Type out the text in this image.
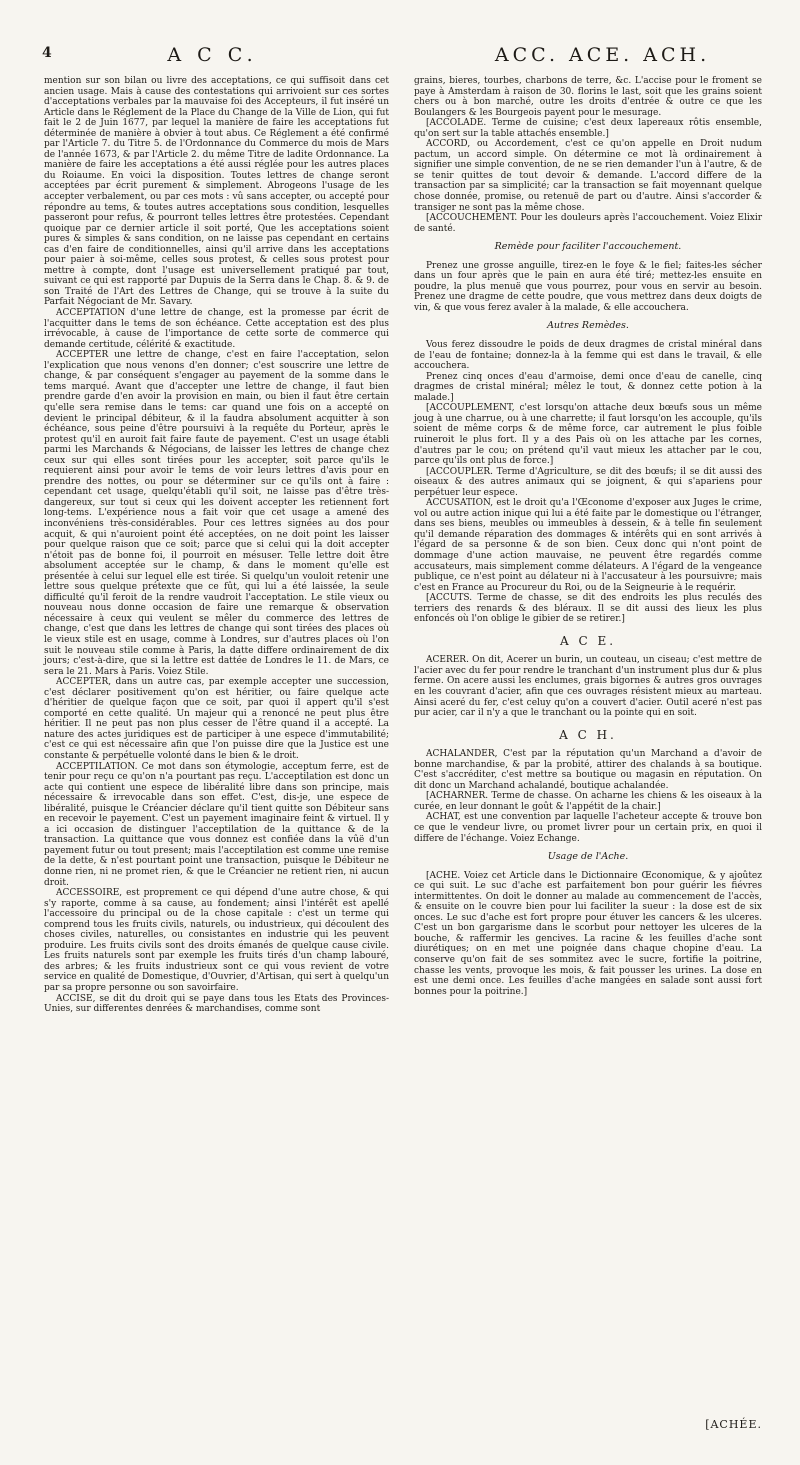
4	A C C.	ACC. ACE. ACH.

mention sur son bilan ou livre des acceptations, ce qui suffisoit dans cet ancien usage. Mais à cause des contestations qui arrivoient sur ces sortes d'acceptations verbales par la mauvaise foi des Accepteurs, il fut inséré un Article dans le Réglement de la Place du Change de la Ville de Lion, qui fut fait le 2 de Juin 1677, par lequel la manière de faire les acceptations fut déterminée de manière à obvier à tout abus. Ce Réglement a été confirmé par l'Article 7. du Titre 5. de l'Ordonnance du Commerce du mois de Mars de l'année 1673, & par l'Article 2. du même Titre de ladite Ordonnance. La manière de faire les acceptations a été aussi réglée pour les autres places du Roiaume. En voici la disposition. Toutes lettres de change seront acceptées par écrit purement & simplement. Abrogeons l'usage de les accepter verbalement, ou par ces mots : vû sans accepter, ou accepté pour répondre au tems, & toutes autres acceptations sous condition, lesquelles passeront pour refus, & pourront telles lettres être protestées. Cependant quoique par ce dernier article il soit porté, Que les acceptations soient pures & simples & sans condition, on ne laisse pas cependant en certains cas d'en faire de conditionnelles, ainsi qu'il arrive dans les acceptations pour paier à soi-même, celles sous protest, & celles sous protest pour mettre à compte, dont l'usage est universellement pratiqué par tout, suivant ce qui est rapporté par Dupuis de la Serra dans le Chap. 8. & 9. de son Traité de l'Art des Lettres de Change, qui se trouve à la suite du Parfait Négociant de Mr. Savary.

ACCEPTATION d'une lettre de change, est la promesse par écrit de l'acquitter dans le tems de son échéance. Cette acceptation est des plus irrévocable, à cause de l'importance de cette sorte de commerce qui demande certitude, célérité & exactitude.

ACCEPTER une lettre de change, c'est en faire l'acceptation, selon l'explication que nous venons d'en donner; c'est souscrire une lettre de change, & par conséquent s'engager au payement de la somme dans le tems marqué. Avant que d'accepter une lettre de change, il faut bien prendre garde d'en avoir la provision en main, ou bien il faut être certain qu'elle sera remise dans le tems: car quand une fois on a accepté on devient le principal débiteur, & il la faudra absolument acquitter à son échéance, sous peine d'être poursuivi à la requête du Porteur, après le protest qu'il en auroit fait faire faute de payement. C'est un usage établi parmi les Marchands & Négocians, de laisser les lettres de change chez ceux sur qui elles sont tirées pour les accepter, soit parce qu'ils le requierent ainsi pour avoir le tems de voir leurs lettres d'avis pour en prendre des nottes, ou pour se déterminer sur ce qu'ils ont à faire : cependant cet usage, quelqu'établi qu'il soit, ne laisse pas d'être très-dangereux, sur tout si ceux qui les doivent accepter les retiennent fort long-tems. L'expérience nous a fait voir que cet usage a amené des inconvéniens très-considérables. Pour ces lettres signées au dos pour acquit, & qui n'auroient point été acceptées, on ne doit point les laisser pour quelque raison que ce soit; parce que si celui qui la doit accepter n'étoit pas de bonne foi, il pourroit en mésuser. Telle lettre doit être absolument acceptée sur le champ, & dans le moment qu'elle est présentée à celui sur lequel elle est tirée. Si quelqu'un vouloit retenir une lettre sous quelque prétexte que ce fût, qui lui a été laissée, la seule difficulté qu'il feroit de la rendre vaudroit l'acceptation. Le stile vieux ou nouveau nous donne occasion de faire une remarque & observation nécessaire à ceux qui veulent se mêler du commerce des lettres de change, c'est que dans les lettres de change qui sont tirées des places où le vieux stile est en usage, comme à Londres, sur d'autres places où l'on suit le nouveau stile comme à Paris, la datte differe ordinairement de dix jours; c'est-à-dire, que si la lettre est dattée de Londres le 11. de Mars, ce sera le 21. Mars à Paris. Voiez Stile.

ACCEPTER, dans un autre cas, par exemple accepter une succession, c'est déclarer positivement qu'on est héritier, ou faire quelque acte d'héritier de quelque façon que ce soit, par quoi il appert qu'il s'est comporté en cette qualité. Un majeur qui a renoncé ne peut plus être héritier. Il ne peut pas non plus cesser de l'être quand il a accepté. La nature des actes juridiques est de participer à une espece d'immutabilité; c'est ce qui est nécessaire afin que l'on puisse dire que la Justice est une constante & perpétuelle volonté dans le bien & le droit.

ACCEPTILATION. Ce mot dans son étymologie, acceptum ferre, est de tenir pour reçu ce qu'on n'a pourtant pas reçu. L'acceptilation est donc un acte qui contient une espece de libéralité libre dans son principe, mais nécessaire & irrevocable dans son effet. C'est, dis-je, une espece de libéralité, puisque le Créancier déclare qu'il tient quitte son Débiteur sans en recevoir le payement. C'est un payement imaginaire feint & virtuel. Il y a ici occasion de distinguer l'acceptilation de la quittance & de la transaction. La quittance que vous donnez est confiée dans la vûë d'un payement futur ou tout present; mais l'acceptilation est comme une remise de la dette, & n'est pourtant point une transaction, puisque le Débiteur ne donne rien, ni ne promet rien, & que le Créancier ne retient rien, ni aucun droit.

ACCESSOIRE, est proprement ce qui dépend d'une autre chose, & qui s'y raporte, comme à sa cause, au fondement; ainsi l'intérêt est apellé l'accessoire du principal ou de la chose capitale : c'est un terme qui comprend tous les fruits civils, naturels, ou industrieux, qui découlent des choses civiles, naturelles, ou consistantes en industrie qui les peuvent produire. Les fruits civils sont des droits émanés de quelque cause civile. Les fruits naturels sont par exemple les fruits tirés d'un champ labouré, des arbres; & les fruits industrieux sont ce qui vous revient de votre service en qualité de Domestique, d'Ouvrier, d'Artisan, qui sert à quelqu'un par sa propre personne ou son savoirfaire.

ACCISE, se dit du droit qui se paye dans tous les Etats des Provinces-Unies, sur differentes denrées & marchandises, comme sont

grains, bieres, tourbes, charbons de terre, &c. L'accise pour le froment se paye à Amsterdam à raison de 30. florins le last, soit que les grains soient chers ou à bon marché, outre les droits d'entrée & outre ce que les Boulangers & les Bourgeois payent pour le mesurage.

[ACCOLADE. Terme de cuisine; c'est deux lapereaux rôtis ensemble, qu'on sert sur la table attachés ensemble.]

ACCORD, ou Accordement, c'est ce qu'on appelle en Droit nudum pactum, un accord simple. On détermine ce mot là ordinairement à signifier une simple convention, de ne se rien demander l'un à l'autre, & de se tenir quittes de tout devoir & demande. L'accord differe de la transaction par sa simplicité; car la transaction se fait moyennant quelque chose donnée, promise, ou retenuë de part ou d'autre. Ainsi s'accorder & transiger ne sont pas la même chose.

[ACCOUCHEMENT. Pour les douleurs après l'accouchement. Voiez Elixir de santé.

Remède pour faciliter l'accouchement.

Prenez une grosse anguille, tirez-en le foye & le fiel; faites-les sécher dans un four après que le pain en aura été tiré; mettez-les ensuite en poudre, la plus menuë que vous pourrez, pour vous en servir au besoin. Prenez une dragme de cette poudre, que vous mettrez dans deux doigts de vin, & que vous ferez avaler à la malade, & elle accouchera.

Autres Remèdes.

Vous ferez dissoudre le poids de deux dragmes de cristal minéral dans de l'eau de fontaine; donnez-la à la femme qui est dans le travail, & elle accouchera.

Prenez cinq onces d'eau d'armoise, demi once d'eau de canelle, cinq dragmes de cristal minéral; mêlez le tout, & donnez cette potion à la malade.]

[ACCOUPLEMENT, c'est lorsqu'on attache deux bœufs sous un même joug à une charrue, ou à une charrette; il faut lorsqu'on les accouple, qu'ils soient de même corps & de même force, car autrement le plus foible ruineroit le plus fort. Il y a des Pais où on les attache par les cornes, d'autres par le cou; on prétend qu'il vaut mieux les attacher par le cou, parce qu'ils ont plus de force.]

[ACCOUPLER. Terme d'Agriculture, se dit des bœufs; il se dit aussi des oiseaux & des autres animaux qui se joignent, & qui s'apariens pour perpétuer leur espece.

ACCUSATION, est le droit qu'a l'Œconome d'exposer aux Juges le crime, vol ou autre action inique qui lui a été faite par le domestique ou l'étranger, dans ses biens, meubles ou immeubles à dessein, & à telle fin seulement qu'il demande réparation des dommages & intérêts qui en sont arrivés à l'égard de sa personne & de son bien. Ceux donc qui n'ont point de dommage d'une action mauvaise, ne peuvent être regardés comme accusateurs, mais simplement comme délateurs. A l'égard de la vengeance publique, ce n'est point au délateur ni à l'accusateur à les poursuivre; mais c'est en France au Procureur du Roi, ou de la Seigneurie à le requérir.

[ACCUTS. Terme de chasse, se dit des endroits les plus reculés des terriers des renards & des bléraux. Il se dit aussi des lieux les plus enfoncés où l'on oblige le gibier de se retirer.]

A C E.

ACERER. On dit, Acerer un burin, un couteau, un ciseau; c'est mettre de l'acier avec du fer pour rendre le tranchant d'un instrument plus dur & plus ferme. On acere aussi les enclumes, grais bigornes & autres gros ouvrages en les couvrant d'acier, afin que ces ouvrages résistent mieux au marteau. Ainsi aceré du fer, c'est celuy qu'on a couvert d'acier. Outil aceré n'est pas pur acier, car il n'y a que le tranchant ou la pointe qui en soit.

A C H.

ACHALANDER, C'est par la réputation qu'un Marchand a d'avoir de bonne marchandise, & par la probité, attirer des chalands à sa boutique. C'est s'accréditer, c'est mettre sa boutique ou magasin en réputation. On dit donc un Marchand achalandé, boutique achalandée.

[ACHARNER. Terme de chasse. On acharne les chiens & les oiseaux à la curée, en leur donnant le goût & l'appétit de la chair.]

ACHAT, est une convention par laquelle l'acheteur accepte & trouve bon ce que le vendeur livre, ou promet livrer pour un certain prix, en quoi il differe de l'échange. Voiez Echange.

Usage de l'Ache.

[ACHE. Voiez cet Article dans le Dictionnaire Œconomique, & y ajoûtez ce qui suit. Le suc d'ache est parfaitement bon pour guérir les fiévres intermittentes. On doit le donner au malade au commencement de l'accès, & ensuite on le couvre bien pour lui faciliter la sueur : la dose est de six onces. Le suc d'ache est fort propre pour étuver les cancers & les ulceres. C'est un bon gargarisme dans le scorbut pour nettoyer les ulceres de la bouche, & raffermir les gencives. La racine & les feuilles d'ache sont diurétiques; on en met une poignée dans chaque chopine d'eau. La conserve qu'on fait de ses sommitez avec le sucre, fortifie la poitrine, chasse les vents, provoque les mois, & fait pousser les urines. La dose en est une demi once. Les feuilles d'ache mangées en salade sont aussi fort bonnes pour la poitrine.]

[ACHÉE.
